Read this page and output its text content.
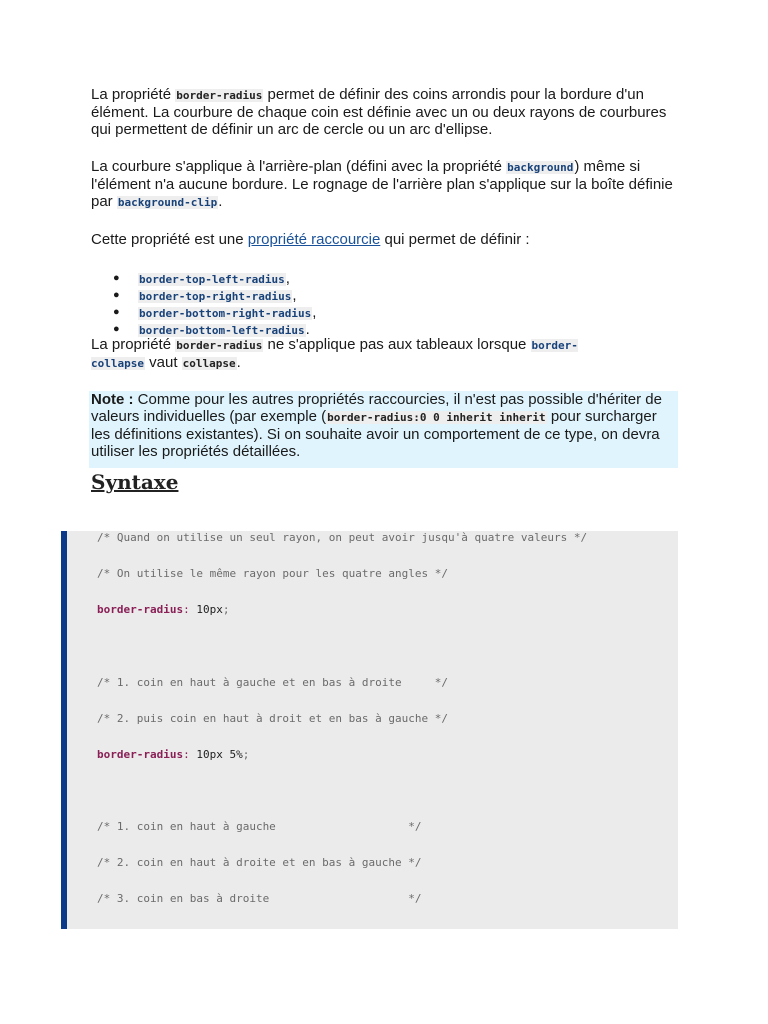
La propriété border-radius permet de définir des coins arrondis pour la bordure d'un élément. La courbure de chaque coin est définie avec un ou deux rayons de courbures qui permettent de définir un arc de cercle ou un arc d'ellipse.

La courbure s'applique à l'arrière-plan (défini avec la propriété background) même si l'élément n'a aucune bordure. Le rognage de l'arrière plan s'applique sur la boîte définie par background-clip.

Cette propriété est une propriété raccourcie qui permet de définir :

● border-top-left-radius,
● border-top-right-radius,
● border-bottom-right-radius,
● border-bottom-left-radius.

La propriété border-radius ne s'applique pas aux tableaux lorsque border-collapse vaut collapse.

Note : Comme pour les autres propriétés raccourcies, il n'est pas possible d'hériter de valeurs individuelles (par exemple (border-radius:0 0 inherit inherit pour surcharger les définitions existantes). Si on souhaite avoir un comportement de ce type, on devra utiliser les propriétés détaillées.

Syntaxe
/* Quand on utilise un seul rayon, on peut avoir jusqu'à quatre valeurs */
/* On utilise le même rayon pour les quatre angles */
border-radius: 10px;
/* 1. coin en haut à gauche et en bas à droite     */
/* 2. puis coin en haut à droit et en bas à gauche */
border-radius: 10px 5%;
/* 1. coin en haut à gauche                    */
/* 2. coin en haut à droite et en bas à gauche */
/* 3. coin en bas à droite                     */
